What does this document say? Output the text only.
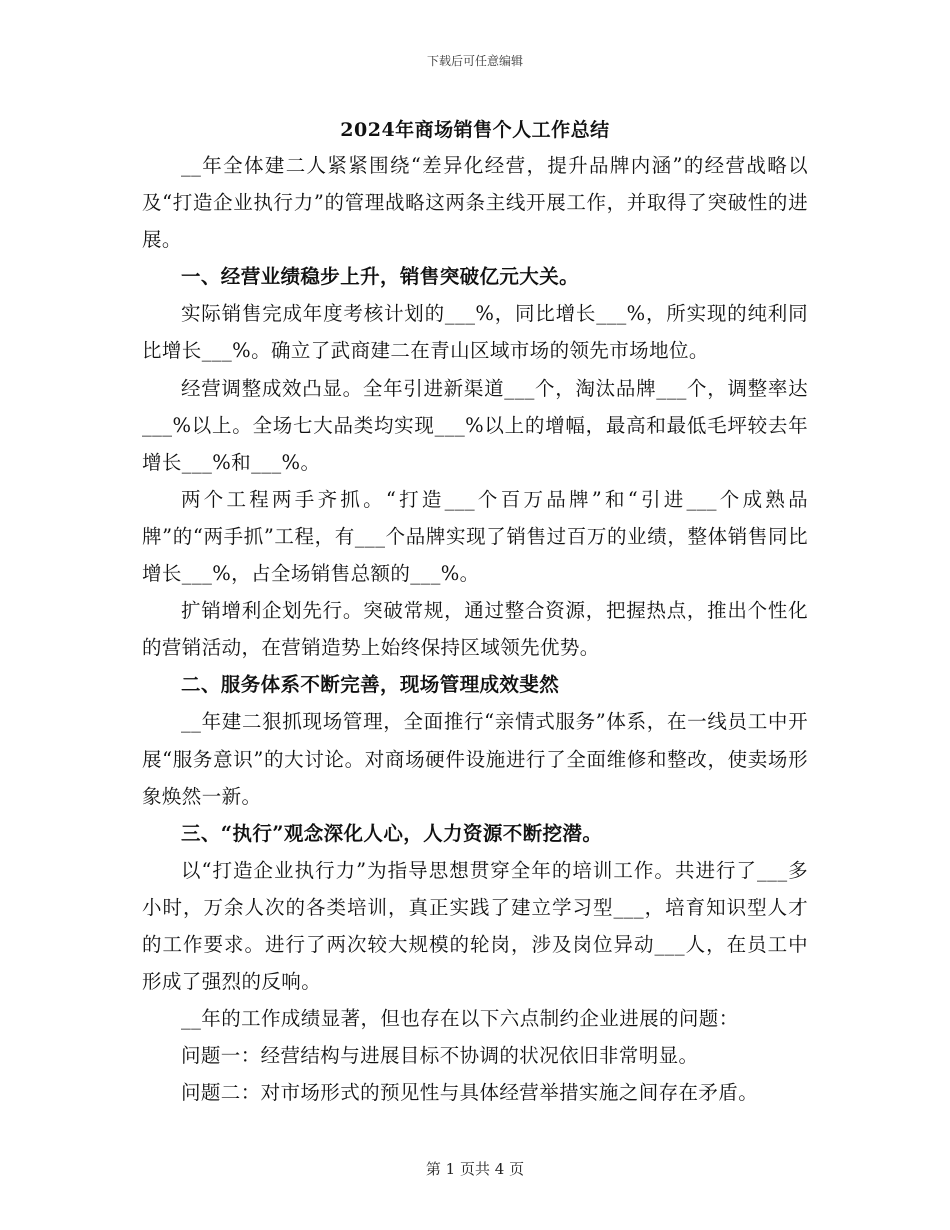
下载后可任意编辑
2024年商场销售个人工作总结

__年全体建二人紧紧围绕“差异化经营，提升品牌内涵”的经营战略以及“打造企业执行力”的管理战略这两条主线开展工作，并取得了突破性的进展。

一、经营业绩稳步上升，销售突破亿元大关。

实际销售完成年度考核计划的___%，同比增长___%，所实现的纯利同比增长___%。确立了武商建二在青山区域市场的领先市场地位。

经营调整成效凸显。全年引进新渠道___个，淘汰品牌___个，调整率达___%以上。全场七大品类均实现___%以上的增幅，最高和最低毛坪较去年增长___%和___%。

两个工程两手齐抓。“打造___个百万品牌”和“引进___个成熟品牌”的“两手抓”工程，有___个品牌实现了销售过百万的业绩，整体销售同比增长___%，占全场销售总额的___%。

扩销增利企划先行。突破常规，通过整合资源，把握热点，推出个性化的营销活动，在营销造势上始终保持区域领先优势。

二、服务体系不断完善，现场管理成效斐然

__年建二狠抓现场管理，全面推行“亲情式服务”体系，在一线员工中开展“服务意识”的大讨论。对商场硬件设施进行了全面维修和整改，使卖场形象焕然一新。

三、“执行”观念深化人心，人力资源不断挖潜。

以“打造企业执行力”为指导思想贯穿全年的培训工作。共进行了___多小时，万余人次的各类培训，真正实践了建立学习型___，培育知识型人才的工作要求。进行了两次较大规模的轮岗，涉及岗位异动___人，在员工中形成了强烈的反响。

__年的工作成绩显著，但也存在以下六点制约企业进展的问题：

问题一：经营结构与进展目标不协调的状况依旧非常明显。

问题二：对市场形式的预见性与具体经营举措实施之间存在矛盾。

第 1 页共 4 页
